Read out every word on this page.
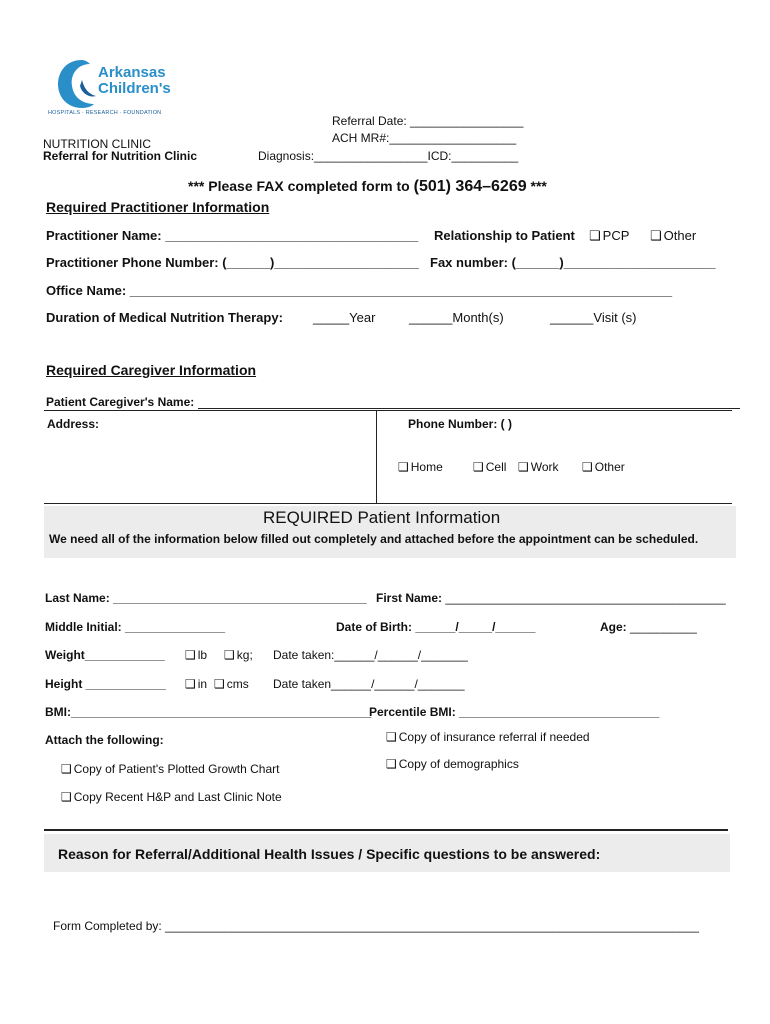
Arkansas
Children's
HOSPITALS · RESEARCH · FOUNDATION
Referral Date: _________________
ACH MR#:___________________
NUTRITION CLINIC
Referral for Nutrition Clinic	Diagnosis:_________________ICD:__________
*** Please FAX completed form to (501) 364–6269 ***
Required Practitioner Information
Practitioner Name: ___________________________________ Relationship to Patient ❑ PCP ❑ Other
Practitioner Phone Number: (______)____________________ Fax number: (______)_____________________
Office Name: ___________________________________________________________________________
Duration of Medical Nutrition Therapy: _____Year	______Month(s)	______Visit (s)
Required Caregiver Information
Patient Caregiver's Name:
Address:	Phone Number: ( )
❑ Home	❑ Cell ❑ Work ❑ Other
REQUIRED Patient Information
We need all of the information below filled out completely and attached before the appointment can be scheduled.
Last Name: ______________________________________ First Name: __________________________________________
Middle Initial: _______________	Date of Birth: ______/_____/______	Age: __________
Weight____________ ❑ lb ❑ kg; Date taken:______/______/_______
Height ____________ ❑ in ❑ cms Date taken______/______/_______
BMI:_____________________________________________
Percentile BMI: ______________________________
❑ Copy of insurance referral if needed
Attach the following:
❑ Copy of demographics
❑ Copy of Patient's Plotted Growth Chart
❑ Copy Recent H&P and Last Clinic Note
Reason for Referral/Additional Health Issues / Specific questions to be answered:
Form Completed by: ________________________________________________________________________________
